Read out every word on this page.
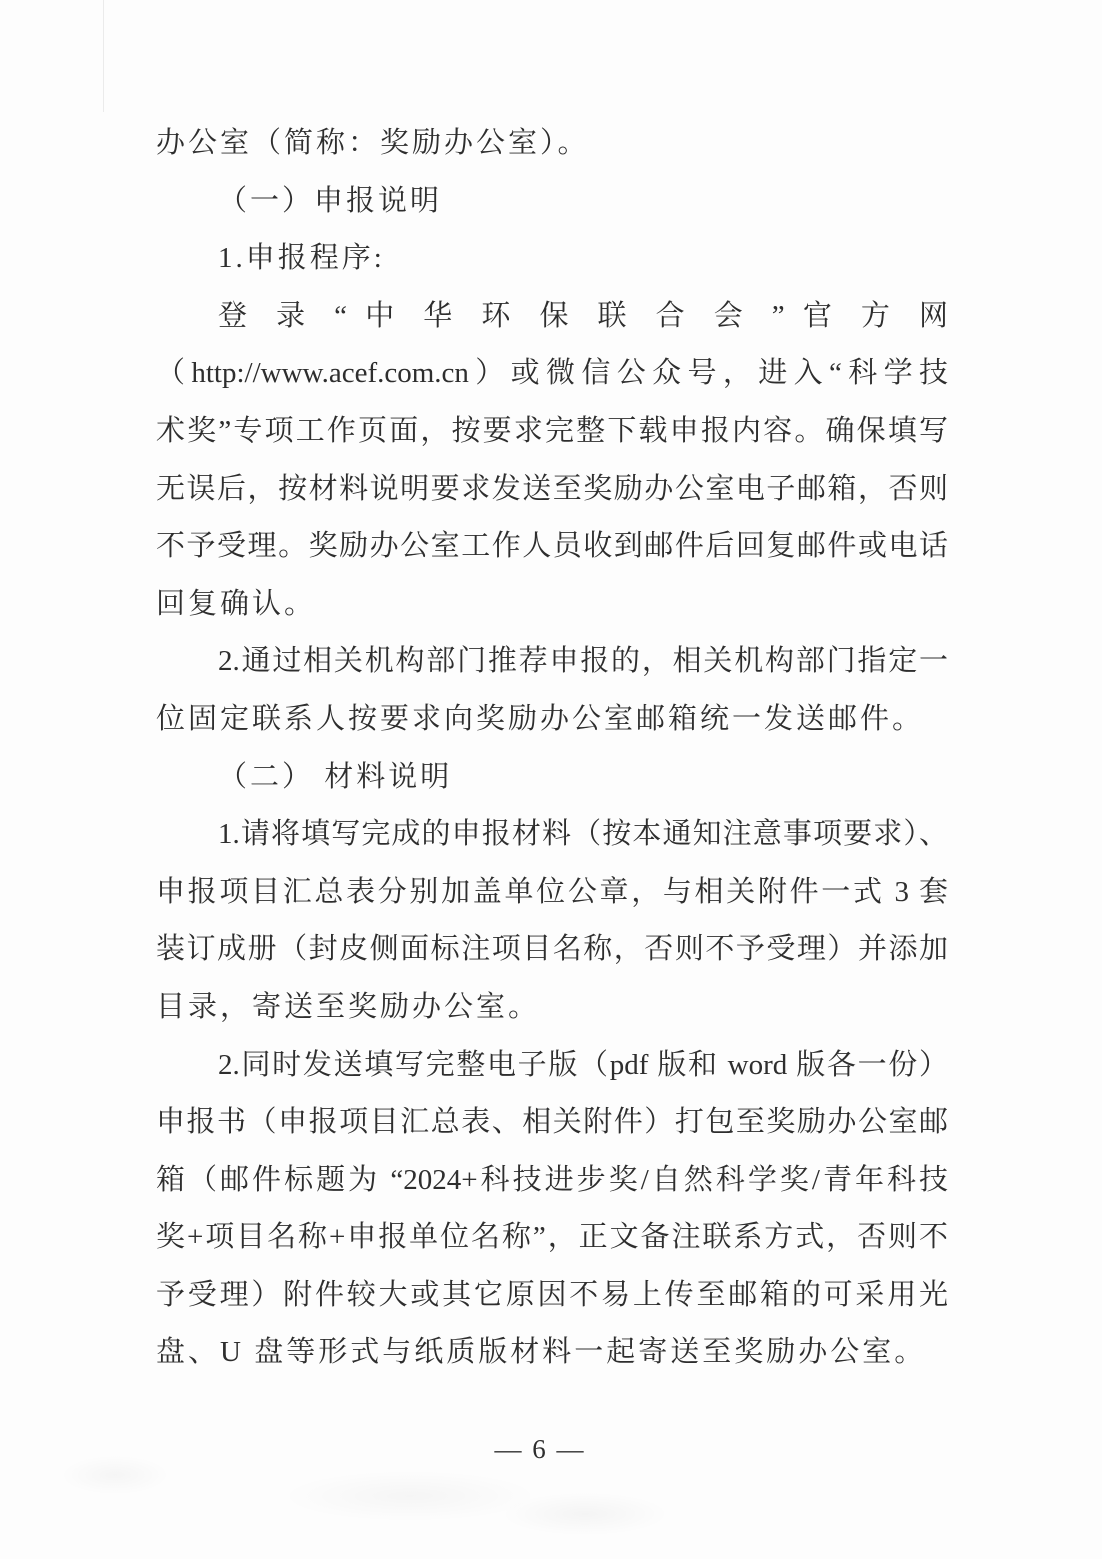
办公室（简称：奖励办公室）。
（一）申报说明
1.申报程序:
登 录 “ 中 华 环 保 联 合 会 ” 官 方 网
（http://www.acef.com.cn）或微信公众号，进入“科学技
术奖”专项工作页面，按要求完整下载申报内容。确保填写
无误后，按材料说明要求发送至奖励办公室电子邮箱，否则
不予受理。奖励办公室工作人员收到邮件后回复邮件或电话
回复确认。
2.通过相关机构部门推荐申报的，相关机构部门指定一
位固定联系人按要求向奖励办公室邮箱统一发送邮件。
（二） 材料说明
1.请将填写完成的申报材料（按本通知注意事项要求）、
申报项目汇总表分别加盖单位公章，与相关附件一式 3 套
装订成册（封皮侧面标注项目名称，否则不予受理）并添加
目录，寄送至奖励办公室。
2.同时发送填写完整电子版（pdf 版和 word 版各一份）
申报书（申报项目汇总表、相关附件）打包至奖励办公室邮
箱（邮件标题为 “2024+科技进步奖/自然科学奖/青年科技
奖+项目名称+申报单位名称”，正文备注联系方式，否则不
予受理）附件较大或其它原因不易上传至邮箱的可采用光
盘、U 盘等形式与纸质版材料一起寄送至奖励办公室。
— 6 —
